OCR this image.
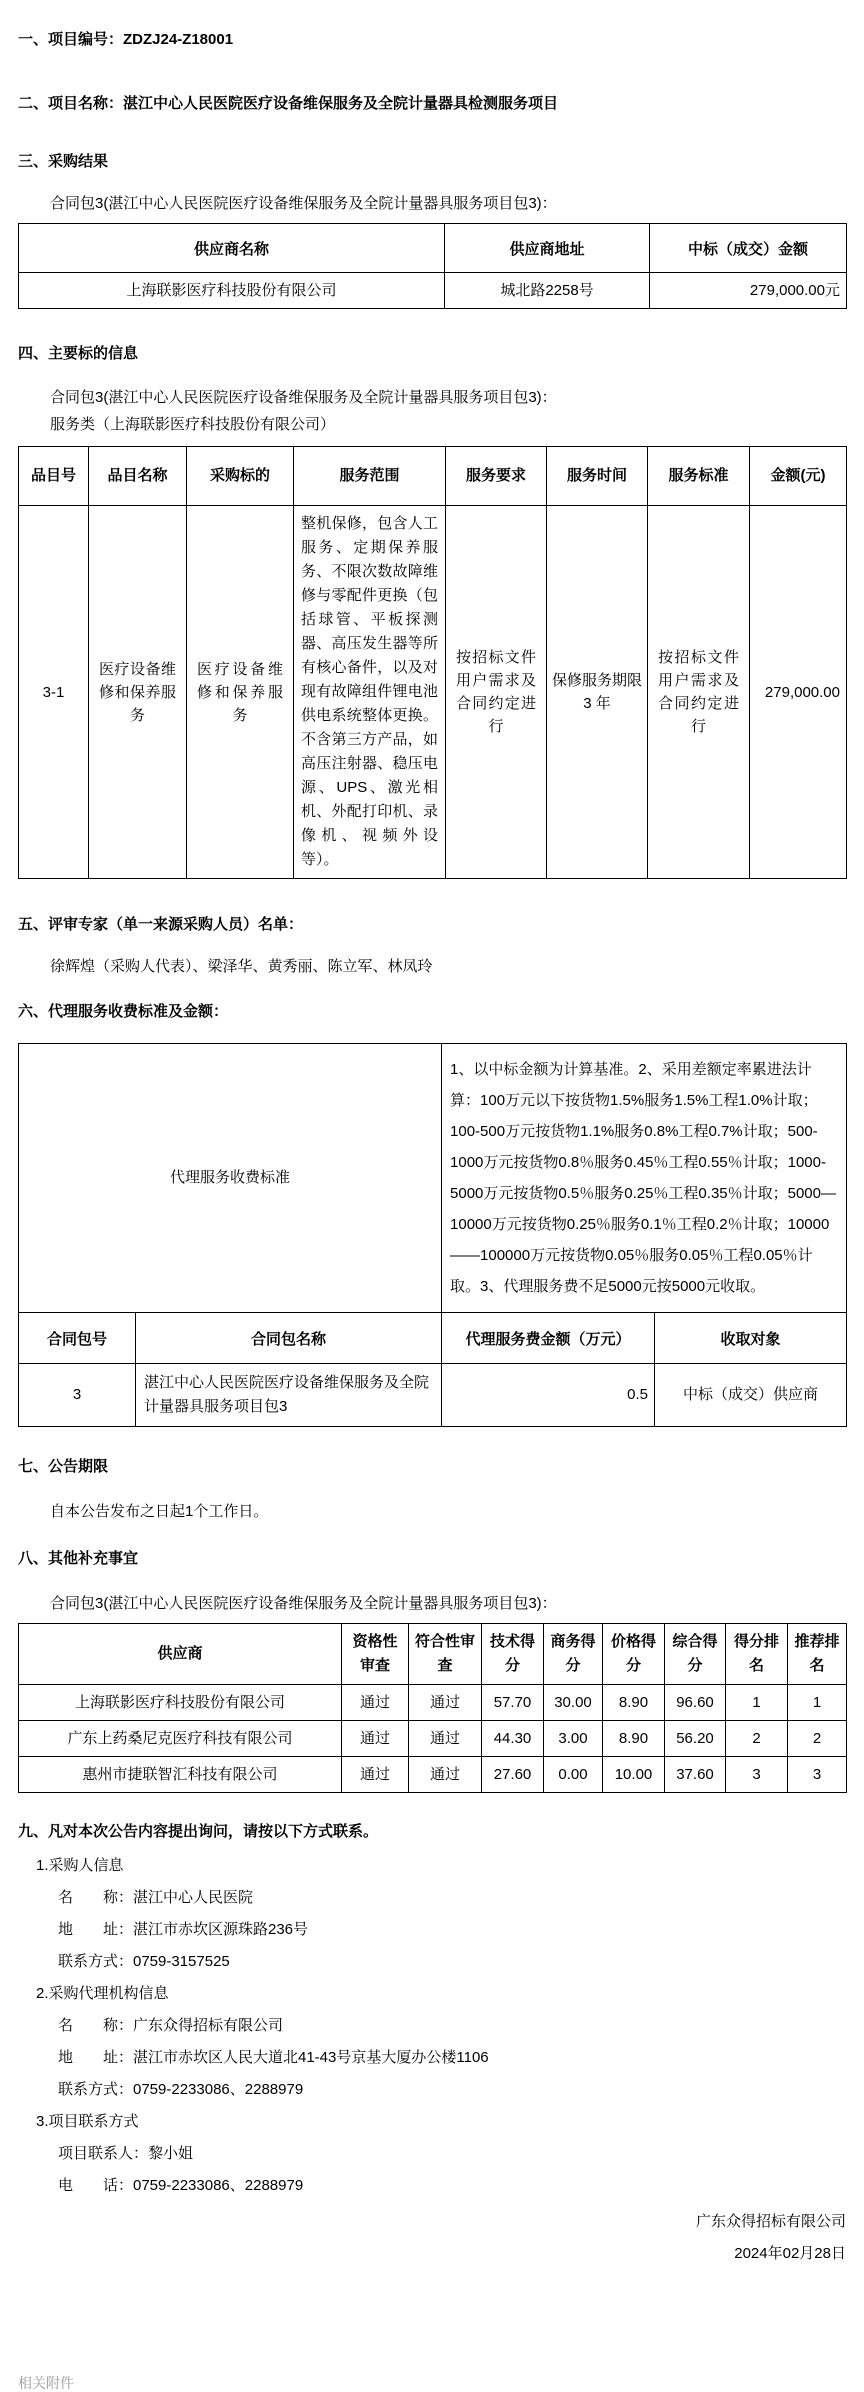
一、项目编号：ZDZJ24-Z18001
二、项目名称：湛江中心人民医院医疗设备维保服务及全院计量器具检测服务项目
三、采购结果
合同包3(湛江中心人民医院医疗设备维保服务及全院计量器具服务项目包3)：
供应商名称	供应商地址	中标（成交）金额
上海联影医疗科技股份有限公司	城北路2258号	279,000.00元
四、主要标的信息
合同包3(湛江中心人民医院医疗设备维保服务及全院计量器具服务项目包3)：
服务类（上海联影医疗科技股份有限公司）
品目号	品目名称	采购标的	服务范围	服务要求	服务时间	服务标准	金额(元)
3-1	医疗设备维修和保养服务	医疗设备维修和保养服务	整机保修，包含人工服务、定期保养服务、不限次数故障维修与零配件更换（包括球管、平板探测器、高压发生器等所有核心备件，以及对现有故障组件锂电池供电系统整体更换。不含第三方产品，如高压注射器、稳压电源、UPS、激光相机、外配打印机、录像机、视频外设 等）。	按招标文件用户需求及合同约定进行	保修服务期限 3 年	按招标文件用户需求及合同约定进行	279,000.00
五、评审专家（单一来源采购人员）名单：
徐辉煌（采购人代表）、梁泽华、黄秀丽、陈立军、林凤玲
六、代理服务收费标准及金额：
代理服务收费标准		1、以中标金额为计算基准。2、采用差额定率累进法计算：100万元以下按货物1.5%服务1.5%工程1.0%计取；100-500万元按货物1.1%服务0.8%工程0.7%计取；500-1000万元按货物0.8％服务0.45％工程0.55％计取；1000-5000万元按货物0.5％服务0.25％工程0.35％计取；5000—10000万元按货物0.25％服务0.1％工程0.2％计取；10000——100000万元按货物0.05％服务0.05％工程0.05％计取。3、代理服务费不足5000元按5000元收取。	
合同包号	合同包名称	代理服务费金额（万元）	收取对象
3	湛江中心人民医院医疗设备维保服务及全院计量器具服务项目包3	0.5	中标（成交）供应商
七、公告期限
自本公告发布之日起1个工作日。
八、其他补充事宜
合同包3(湛江中心人民医院医疗设备维保服务及全院计量器具服务项目包3)：
供应商	资格性审查	符合性审查	技术得分	商务得分	价格得分	综合得分	得分排名	推荐排名
上海联影医疗科技股份有限公司	通过	通过	57.70	30.00	8.90	96.60	1	1
广东上药桑尼克医疗科技有限公司	通过	通过	44.30	3.00	8.90	56.20	2	2
惠州市捷联智汇科技有限公司	通过	通过	27.60	0.00	10.00	37.60	3	3
九、凡对本次公告内容提出询问，请按以下方式联系。
1.采购人信息
名　　称：湛江中心人民医院
地　　址：湛江市赤坎区源珠路236号
联系方式：0759-3157525
2.采购代理机构信息
名　　称：广东众得招标有限公司
地　　址：湛江市赤坎区人民大道北41-43号京基大厦办公楼1106
联系方式：0759-2233086、2288979
3.项目联系方式
项目联系人：黎小姐
电　　话：0759-2233086、2288979
广东众得招标有限公司
2024年02月28日
相关附件
